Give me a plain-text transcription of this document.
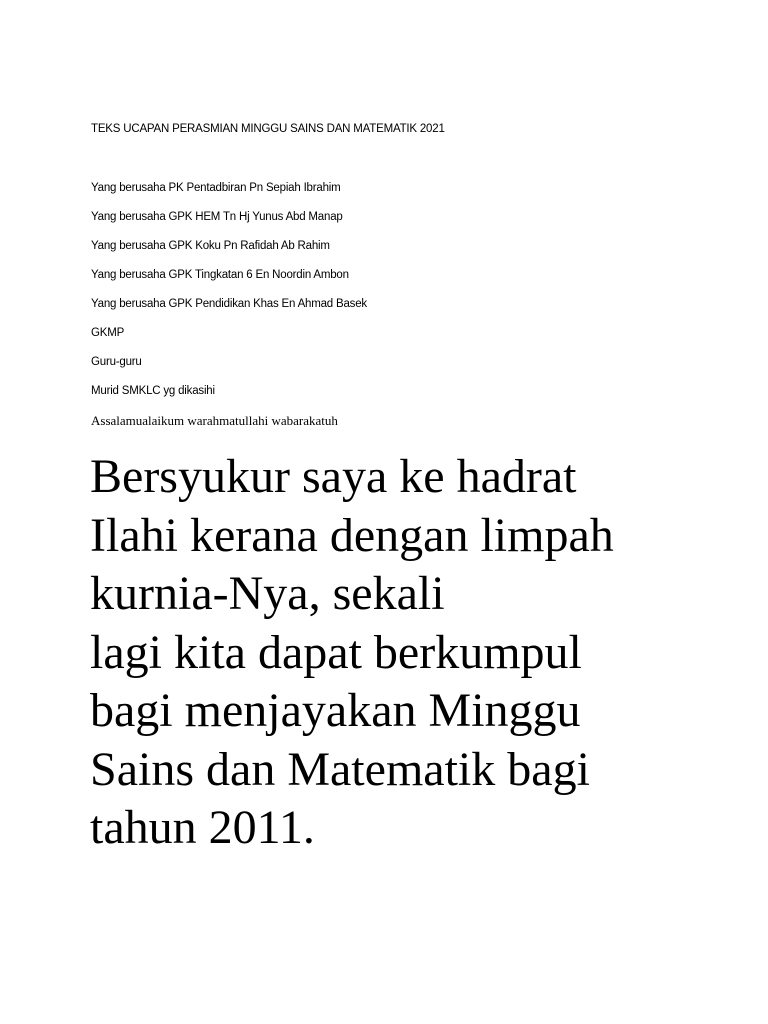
TEKS UCAPAN PERASMIAN MINGGU SAINS DAN MATEMATIK 2021
Yang berusaha PK Pentadbiran Pn Sepiah Ibrahim
Yang berusaha GPK HEM Tn Hj Yunus Abd Manap
Yang berusaha GPK Koku Pn Rafidah Ab Rahim
Yang berusaha GPK Tingkatan 6 En Noordin Ambon
Yang berusaha GPK Pendidikan Khas En Ahmad Basek
GKMP
Guru-guru
Murid SMKLC yg dikasihi
Assalamualaikum warahmatullahi wabarakatuh
Bersyukur saya ke hadrat
Ilahi kerana dengan limpah
kurnia-Nya, sekali
lagi kita dapat berkumpul
bagi menjayakan Minggu
Sains dan Matematik bagi
tahun 2011.
